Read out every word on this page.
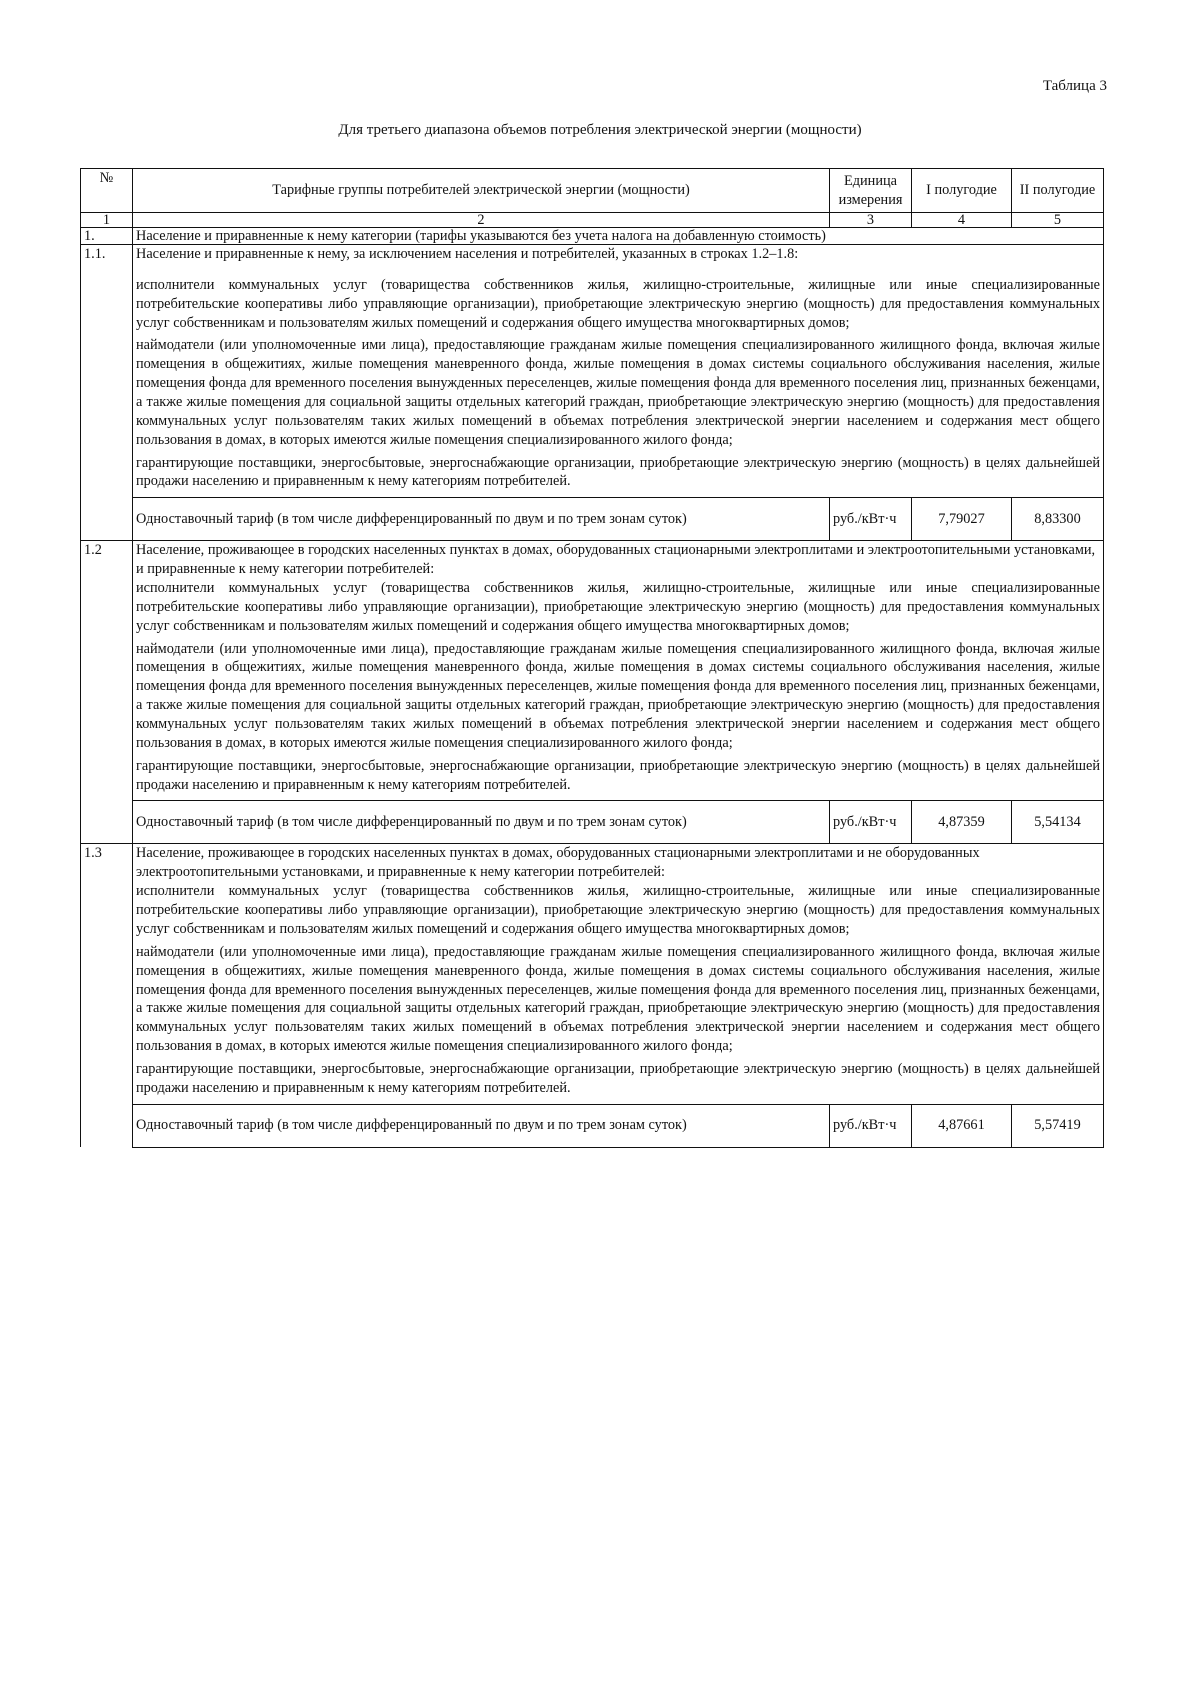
Таблица 3
Для третьего диапазона объемов потребления электрической энергии (мощности)
№	Тарифные группы потребителей электрической энергии (мощности)	Единица измерения	I полугодие	II полугодие
1	2	3	4	5
1.	Население и приравненные к нему категории (тарифы указываются без учета налога на добавленную стоимость)			
1.1.	Население и приравненные к нему, за исключением населения и потребителей, указанных в строках 1.2–1.8:
исполнители коммунальных услуг (товарищества собственников жилья, жилищно-строительные, жилищные или иные специализированные потребительские кооперативы либо управляющие организации), приобретающие электрическую энергию (мощность) для предоставления коммунальных услуг собственникам и пользователям жилых помещений и содержания общего имущества многоквартирных домов;
наймодатели (или уполномоченные ими лица), предоставляющие гражданам жилые помещения специализированного жилищного фонда, включая жилые помещения в общежитиях, жилые помещения маневренного фонда, жилые помещения в домах системы социального обслуживания населения, жилые помещения фонда для временного поселения вынужденных переселенцев, жилые помещения фонда для временного поселения лиц, признанных беженцами, а также жилые помещения для социальной защиты отдельных категорий граждан, приобретающие электрическую энергию (мощность) для предоставления коммунальных услуг пользователям таких жилых помещений в объемах потребления электрической энергии населением и содержания мест общего пользования в домах, в которых имеются жилые помещения специализированного жилого фонда;
гарантирующие поставщики, энергосбытовые, энергоснабжающие организации, приобретающие электрическую энергию (мощность) в целях дальнейшей продажи населению и приравненным к нему категориям потребителей.			

	Одноставочный тариф (в том числе дифференцированный по двум и по трем зонам суток)	руб./кВт·ч	7,79027	8,83300
1.2	Население, проживающее в городских населенных пунктах в домах, оборудованных стационарными электроплитами и электроотопительными установками, и приравненные к нему категории потребителей:
исполнители коммунальных услуг (товарищества собственников жилья, жилищно-строительные, жилищные или иные специализированные потребительские кооперативы либо управляющие организации), приобретающие электрическую энергию (мощность) для предоставления коммунальных услуг собственникам и пользователям жилых помещений и содержания общего имущества многоквартирных домов;
наймодатели (или уполномоченные ими лица), предоставляющие гражданам жилые помещения специализированного жилищного фонда, включая жилые помещения в общежитиях, жилые помещения маневренного фонда, жилые помещения в домах системы социального обслуживания населения, жилые помещения фонда для временного поселения вынужденных переселенцев, жилые помещения фонда для временного поселения лиц, признанных беженцами, а также жилые помещения для социальной защиты отдельных категорий граждан, приобретающие электрическую энергию (мощность) для предоставления коммунальных услуг пользователям таких жилых помещений в объемах потребления электрической энергии населением и содержания мест общего пользования в домах, в которых имеются жилые помещения специализированного жилого фонда;
гарантирующие поставщики, энергосбытовые, энергоснабжающие организации, приобретающие электрическую энергию (мощность) в целях дальнейшей продажи населению и приравненным к нему категориям потребителей.			

	Одноставочный тариф (в том числе дифференцированный по двум и по трем зонам суток)	руб./кВт·ч	4,87359	5,54134
1.3	Население, проживающее в городских населенных пунктах в домах, оборудованных стационарными электроплитами и не оборудованных электроотопительными установками, и приравненные к нему категории потребителей:
исполнители коммунальных услуг (товарищества собственников жилья, жилищно-строительные, жилищные или иные специализированные потребительские кооперативы либо управляющие организации), приобретающие электрическую энергию (мощность) для предоставления коммунальных услуг собственникам и пользователям жилых помещений и содержания общего имущества многоквартирных домов;
наймодатели (или уполномоченные ими лица), предоставляющие гражданам жилые помещения специализированного жилищного фонда, включая жилые помещения в общежитиях, жилые помещения маневренного фонда, жилые помещения в домах системы социального обслуживания населения, жилые помещения фонда для временного поселения вынужденных переселенцев, жилые помещения фонда для временного поселения лиц, признанных беженцами, а также жилые помещения для социальной защиты отдельных категорий граждан, приобретающие электрическую энергию (мощность) для предоставления коммунальных услуг пользователям таких жилых помещений в объемах потребления электрической энергии населением и содержания мест общего пользования в домах, в которых имеются жилые помещения специализированного жилого фонда;
гарантирующие поставщики, энергосбытовые, энергоснабжающие организации, приобретающие электрическую энергию (мощность) в целях дальнейшей продажи населению и приравненным к нему категориям потребителей.			

	Одноставочный тариф (в том числе дифференцированный по двум и по трем зонам суток)	руб./кВт·ч	4,87661	5,57419
